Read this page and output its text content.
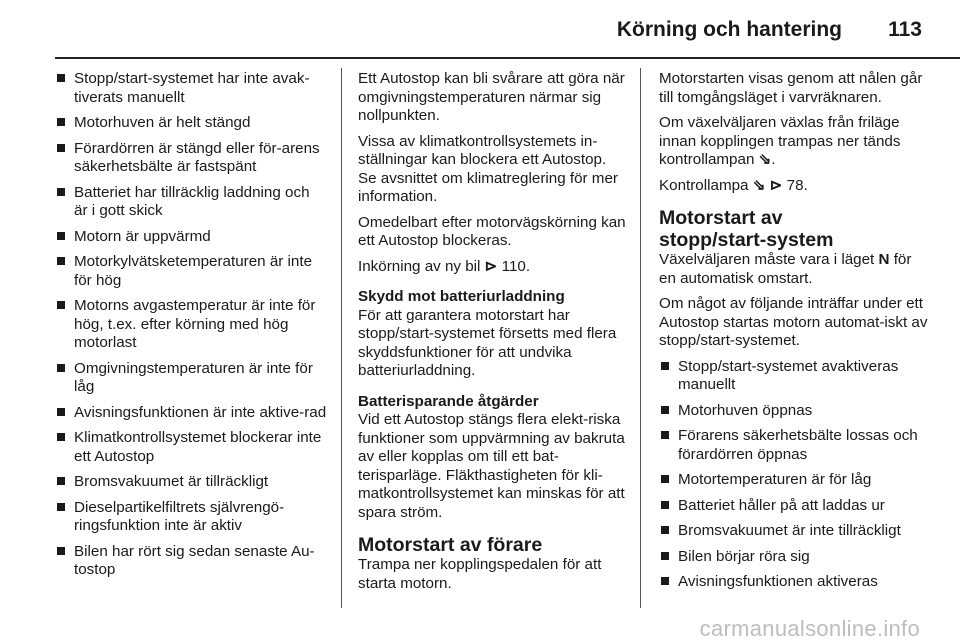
Körning och hantering 113
Stopp/start-systemet har inte avak-tiverats manuellt
Motorhuven är helt stängd
Förardörren är stängd eller för-arens säkerhetsbälte är fastspänt
Batteriet har tillräcklig laddning och är i gott skick
Motorn är uppvärmd
Motorkylvätsketemperaturen är inte för hög
Motorns avgastemperatur är inte för hög, t.ex. efter körning med hög motorlast
Omgivningstemperaturen är inte för låg
Avisningsfunktionen är inte aktive-rad
Klimatkontrollsystemet blockerar inte ett Autostop
Bromsvakuumet är tillräckligt
Dieselpartikelfiltrets självrengö-ringsfunktion inte är aktiv
Bilen har rört sig sedan senaste Au-tostop

Ett Autostop kan bli svårare att göra när omgivningstemperaturen närmar sig nollpunkten.

Vissa av klimatkontrollsystemets in-ställningar kan blockera ett Autostop. Se avsnittet om klimatreglering för mer information.

Omedelbart efter motorvägskörning kan ett Autostop blockeras.

Inkörning av ny bil ⊳ 110.

Skydd mot batteriurladdning

För att garantera motorstart har stopp/start-systemet försetts med flera skyddsfunktioner för att undvika batteriurladdning.

Batterisparande åtgärder

Vid ett Autostop stängs flera elekt-riska funktioner som uppvärmning av bakruta av eller kopplas om till ett bat-terisparläge. Fläkthastigheten för kli-matkontrollsystemet kan minskas för att spara ström.

Motorstart av förare

Trampa ner kopplingspedalen för att starta motorn.

Motorstarten visas genom att nålen går till tomgångsläget i varvräknaren.

Om växelväljaren växlas från friläge innan kopplingen trampas ner tänds kontrollampan ⇘.

Kontrollampa ⇘ ⊳ 78.

Motorstart av
stopp/start-system

Växelväljaren måste vara i läget N för en automatisk omstart.

Om något av följande inträffar under ett Autostop startas motorn automat-iskt av stopp/start-systemet.

Stopp/start-systemet avaktiveras manuellt
Motorhuven öppnas
Förarens säkerhetsbälte lossas och förardörren öppnas
Motortemperaturen är för låg
Batteriet håller på att laddas ur
Bromsvakuumet är inte tillräckligt
Bilen börjar röra sig
Avisningsfunktionen aktiveras
carmanualsonline.info
